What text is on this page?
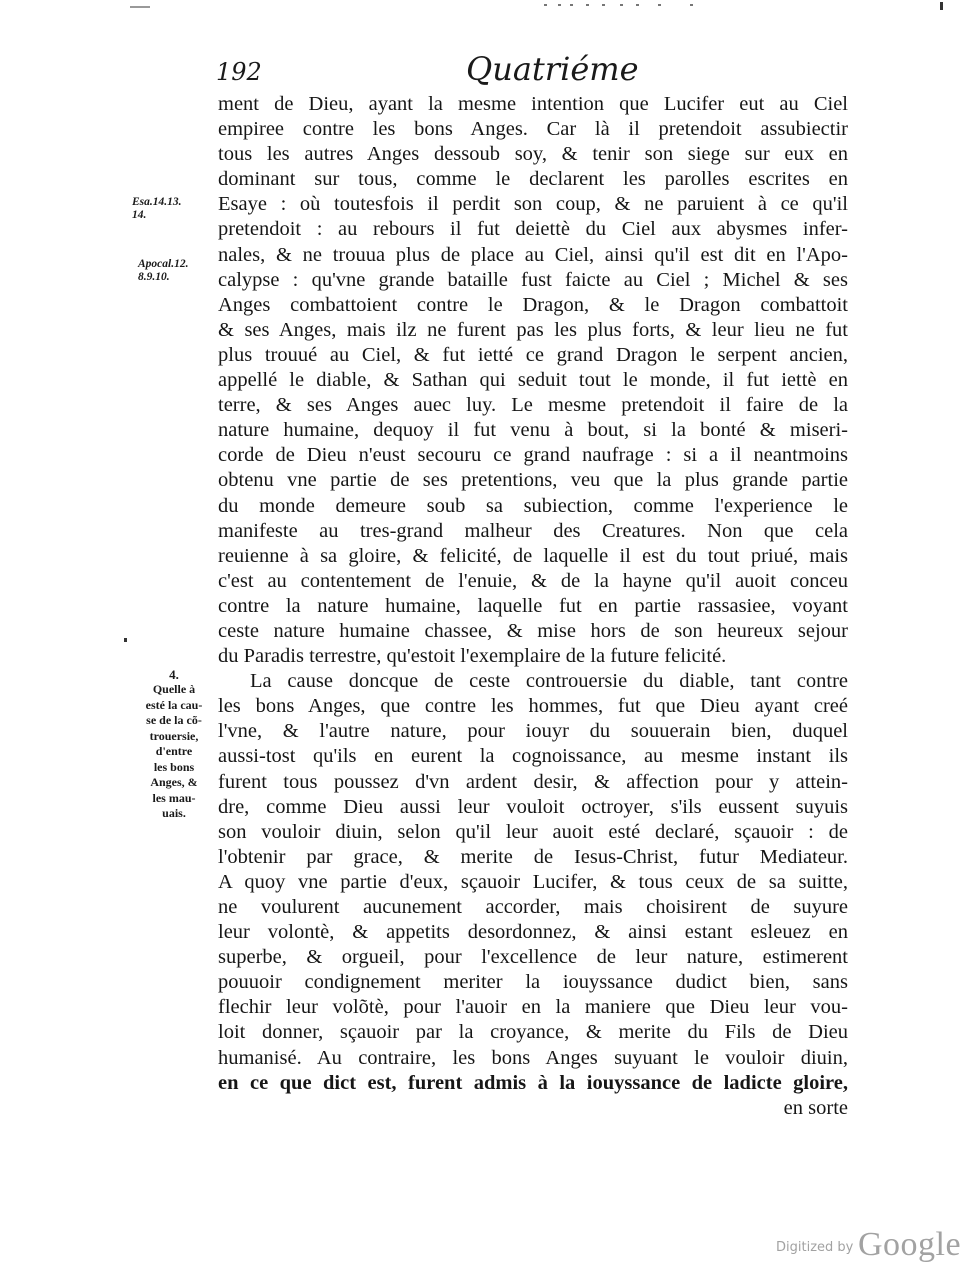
192	Quatriéme
Esa.14.13.
14.
Apocal.12.
8.9.10.
4.
Quelle à
esté la cau-
se de la cõ-
trouersie,
d'entre
les bons
Anges, &
les mau-
uais.
ment de Dieu, ayant la mesme intention que Lucifer eut au Ciel
empiree contre les bons Anges. Car là il pretendoit assubiectir
tous les autres Anges dessoub soy, & tenir son siege sur eux en
dominant sur tous, comme le declarent les parolles escrites en
Esaye : où toutesfois il perdit son coup, & ne paruient à ce qu'il
pretendoit : au rebours il fut deiettè du Ciel aux abysmes infer-
nales, & ne trouua plus de place au Ciel, ainsi qu'il est dit en l'Apo-
calypse : qu'vne grande bataille fust faicte au Ciel ; Michel & ses
Anges combattoient contre le Dragon, & le Dragon combattoit
& ses Anges, mais ilz ne furent pas les plus forts, & leur lieu ne fut
plus trouué au Ciel, & fut ietté ce grand Dragon le serpent ancien,
appellé le diable, & Sathan qui seduit tout le monde, il fut iettè en
terre, & ses Anges auec luy. Le mesme pretendoit il faire de la
nature humaine, dequoy il fut venu à bout, si la bonté & miseri-
corde de Dieu n'eust secouru ce grand naufrage : si a il neantmoins
obtenu vne partie de ses pretentions, veu que la plus grande partie
du monde demeure soub sa subiection, comme l'experience le
manifeste au tres-grand malheur des Creatures. Non que cela
reuienne à sa gloire, & felicité, de laquelle il est du tout priué, mais
c'est au contentement de l'enuie, & de la hayne qu'il auoit conceu
contre la nature humaine, laquelle fut en partie rassasiee, voyant
ceste nature humaine chassee, & mise hors de son heureux sejour
du Paradis terrestre, qu'estoit l'exemplaire de la future felicité.
La cause doncque de ceste controuersie du diable, tant contre
les bons Anges, que contre les hommes, fut que Dieu ayant creé
l'vne, & l'autre nature, pour iouyr du souuerain bien, duquel
aussi-tost qu'ils en eurent la cognoissance, au mesme instant ils
furent tous poussez d'vn ardent desir, & affection pour y attein-
dre, comme Dieu aussi leur vouloit octroyer, s'ils eussent suyuis
son vouloir diuin, selon qu'il leur auoit esté declaré, sçauoir : de
l'obtenir par grace, & merite de Iesus-Christ, futur Mediateur.
A quoy vne partie d'eux, sçauoir Lucifer, & tous ceux de sa suitte,
ne voulurent aucunement accorder, mais choisirent de suyure
leur volontè, & appetits desordonnez, & ainsi estant esleuez en
superbe, & orgueil, pour l'excellence de leur nature, estimerent
pouuoir condignement meriter la iouyssance dudict bien, sans
flechir leur volõtè, pour l'auoir en la maniere que Dieu leur vou-
loit donner, sçauoir par la croyance, & merite du Fils de Dieu
humanisé. Au contraire, les bons Anges suyuant le vouloir diuin,
en ce que dict est, furent admis à la iouyssance de ladicte gloire,
en sorte
Digitized by Google
